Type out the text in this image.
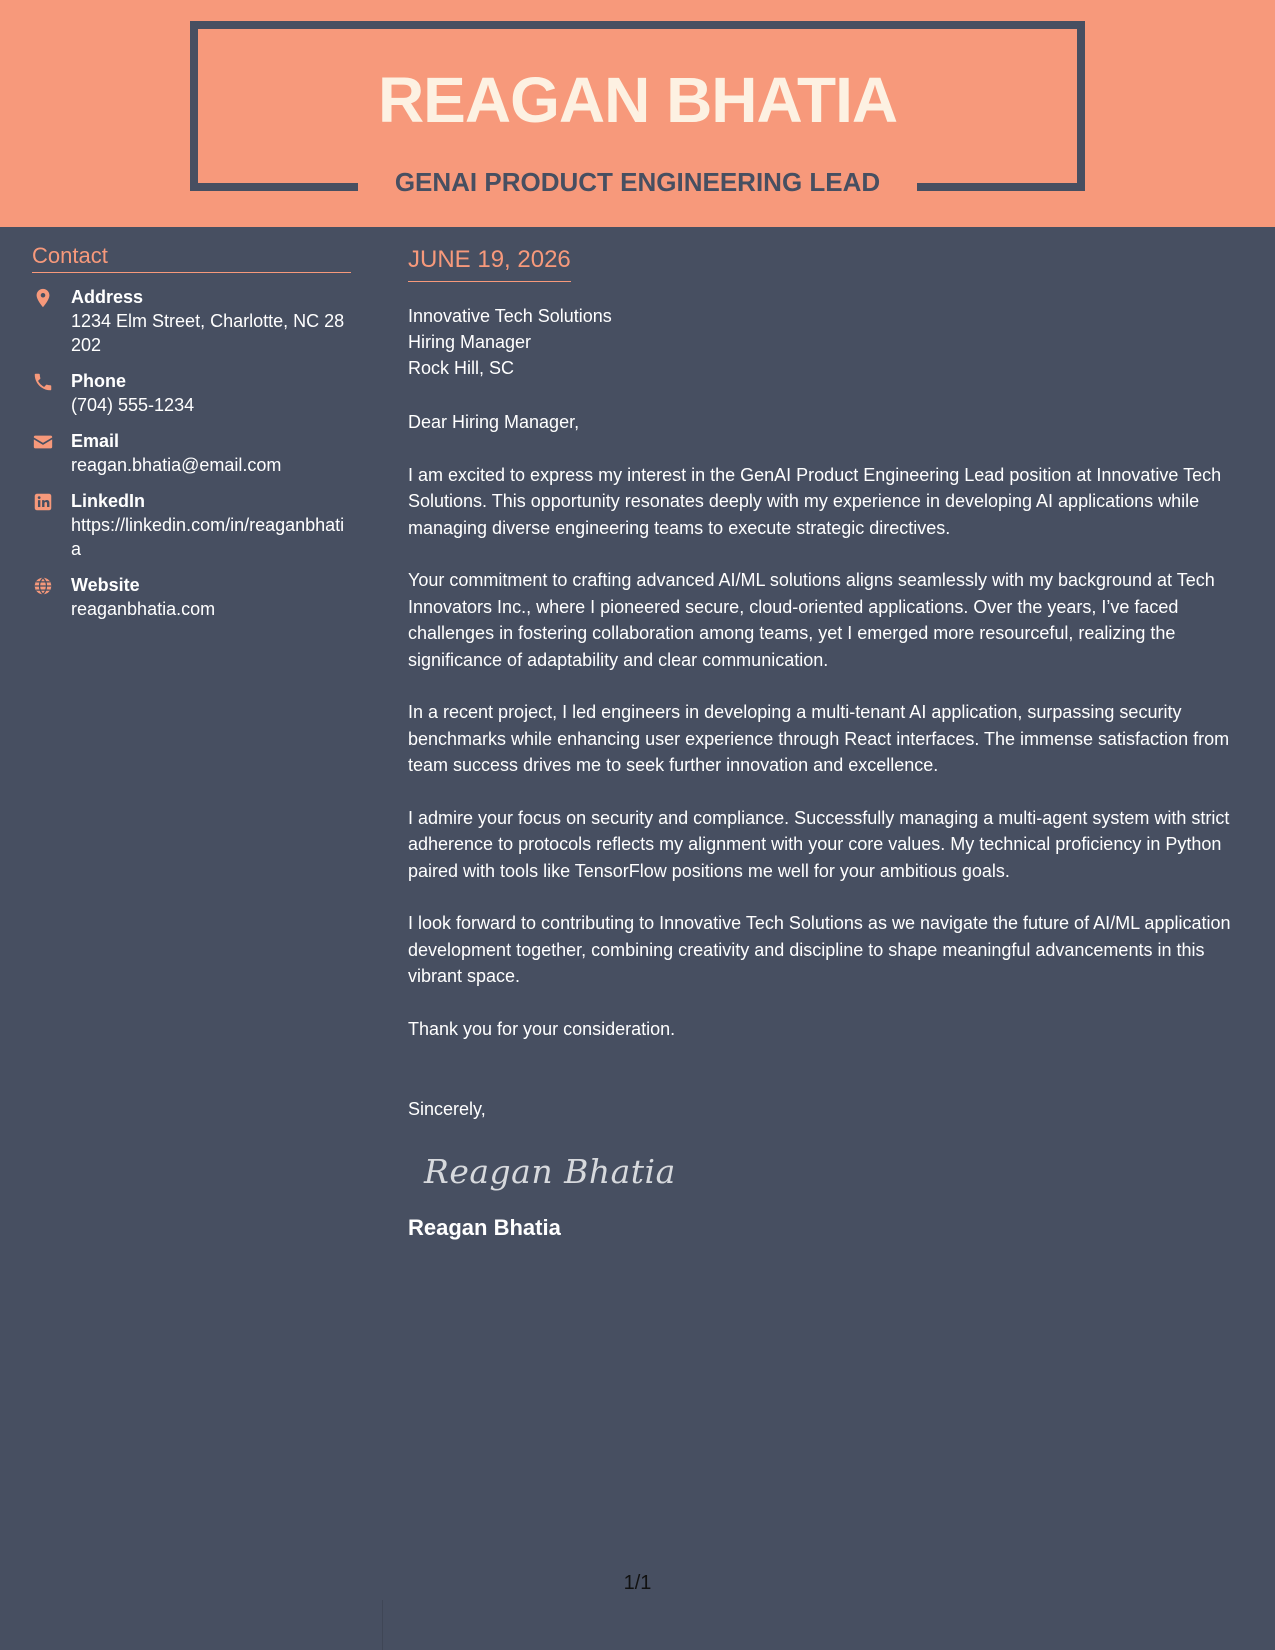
REAGAN BHATIA
GENAI PRODUCT ENGINEERING LEAD
Contact
Address
1234 Elm Street, Charlotte, NC 28202
Phone
(704) 555-1234
Email
reagan.bhatia@email.com
LinkedIn
https://linkedin.com/in/reaganbhatia
Website
reaganbhatia.com
JUNE 19, 2026
Innovative Tech Solutions
Hiring Manager
Rock Hill, SC

Dear Hiring Manager,

I am excited to express my interest in the GenAI Product Engineering Lead position at Innovative Tech Solutions. This opportunity resonates deeply with my experience in developing AI applications while managing diverse engineering teams to execute strategic directives.

Your commitment to crafting advanced AI/ML solutions aligns seamlessly with my background at Tech Innovators Inc., where I pioneered secure, cloud-oriented applications. Over the years, I’ve faced challenges in fostering collaboration among teams, yet I emerged more resourceful, realizing the significance of adaptability and clear communication.

In a recent project, I led engineers in developing a multi-tenant AI application, surpassing security benchmarks while enhancing user experience through React interfaces. The immense satisfaction from team success drives me to seek further innovation and excellence.

I admire your focus on security and compliance. Successfully managing a multi-agent system with strict adherence to protocols reflects my alignment with your core values. My technical proficiency in Python paired with tools like TensorFlow positions me well for your ambitious goals.

I look forward to contributing to Innovative Tech Solutions as we navigate the future of AI/ML application development together, combining creativity and discipline to shape meaningful advancements in this vibrant space.

Thank you for your consideration.

Sincerely,
Reagan Bhatia
Reagan Bhatia
1/1
